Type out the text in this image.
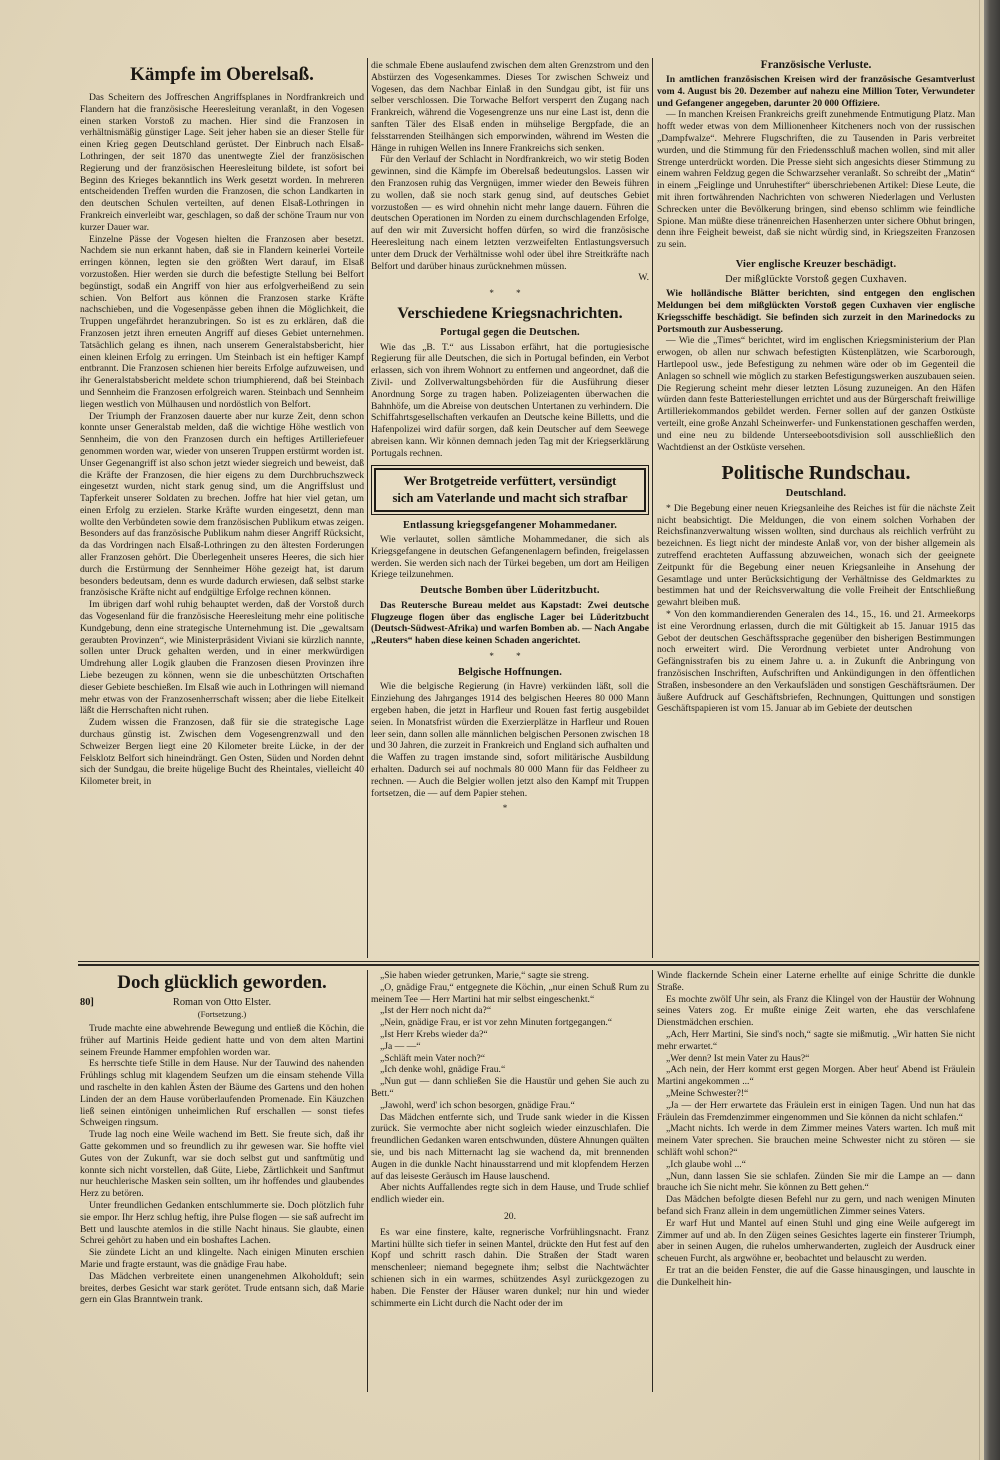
Kämpfe im Oberelsaß.

Das Scheitern des Joffreschen Angriffsplanes in Nordfrankreich und Flandern hat die französische Heeresleitung veranlaßt, in den Vogesen einen starken Vorstoß zu machen. Hier sind die Franzosen in verhältnismäßig günstiger Lage. Seit jeher haben sie an dieser Stelle für einen Krieg gegen Deutschland gerüstet. Der Einbruch nach Elsaß-Lothringen, der seit 1870 das unentwegte Ziel der französischen Regierung und der französischen Heeresleitung bildete, ist sofort bei Beginn des Krieges bekanntlich ins Werk gesetzt worden. In mehreren entscheidenden Treffen wurden die Franzosen, die schon Landkarten in den deutschen Schulen verteilten, auf denen Elsaß-Lothringen in Frankreich einverleibt war, geschlagen, so daß der schöne Traum nur von kurzer Dauer war.

Einzelne Pässe der Vogesen hielten die Franzosen aber besetzt. Nachdem sie nun erkannt haben, daß sie in Flandern keinerlei Vorteile erringen können, legten sie den größten Wert darauf, im Elsaß vorzustoßen. Hier werden sie durch die befestigte Stellung bei Belfort begünstigt, sodaß ein Angriff von hier aus erfolgverheißend zu sein schien. Von Belfort aus können die Franzosen starke Kräfte nachschieben, und die Vogesenpässe geben ihnen die Möglichkeit, die Truppen ungefährdet heranzubringen. So ist es zu erklären, daß die Franzosen jetzt ihren erneuten Angriff auf dieses Gebiet unternehmen. Tatsächlich gelang es ihnen, nach unserem Generalstabsbericht, hier einen kleinen Erfolg zu erringen. Um Steinbach ist ein heftiger Kampf entbrannt. Die Franzosen schienen hier bereits Erfolge aufzuweisen, und ihr Generalstabsbericht meldete schon triumphierend, daß bei Steinbach und Sennheim die Franzosen erfolgreich waren. Steinbach und Sennheim liegen westlich von Mülhausen und nordöstlich von Belfort.

Der Triumph der Franzosen dauerte aber nur kurze Zeit, denn schon konnte unser Generalstab melden, daß die wichtige Höhe westlich von Sennheim, die von den Franzosen durch ein heftiges Artilleriefeuer genommen worden war, wieder von unseren Truppen erstürmt worden ist. Unser Gegenangriff ist also schon jetzt wieder siegreich und beweist, daß die Kräfte der Franzosen, die hier eigens zu dem Durchbruchszweck eingesetzt wurden, nicht stark genug sind, um die Angriffslust und Tapferkeit unserer Soldaten zu brechen. Joffre hat hier viel getan, um einen Erfolg zu erzielen. Starke Kräfte wurden eingesetzt, denn man wollte den Verbündeten sowie dem französischen Publikum etwas zeigen. Besonders auf das französische Publikum nahm dieser Angriff Rücksicht, da das Vordringen nach Elsaß-Lothringen zu den ältesten Forderungen aller Franzosen gehört. Die Überlegenheit unseres Heeres, die sich hier durch die Erstürmung der Sennheimer Höhe gezeigt hat, ist darum besonders bedeutsam, denn es wurde dadurch erwiesen, daß selbst starke französische Kräfte nicht auf endgültige Erfolge rechnen können.

Im übrigen darf wohl ruhig behauptet werden, daß der Vorstoß durch das Vogesenland für die französische Heeresleitung mehr eine politische Kundgebung, denn eine strategische Unternehmung ist. Die „gewaltsam geraubten Provinzen“, wie Ministerpräsident Viviani sie kürzlich nannte, sollen unter Druck gehalten werden, und in einer merkwürdigen Umdrehung aller Logik glauben die Franzosen diesen Provinzen ihre Liebe bezeugen zu können, wenn sie die unbeschützten Ortschaften dieser Gebiete beschießen. Im Elsaß wie auch in Lothringen will niemand mehr etwas von der Franzosenherrschaft wissen; aber die liebe Eitelkeit läßt die Herrschaften nicht ruhen.

Zudem wissen die Franzosen, daß für sie die strategische Lage durchaus günstig ist. Zwischen dem Vogesengrenzwall und den Schweizer Bergen liegt eine 20 Kilometer breite Lücke, in der der Felsklotz Belfort sich hineindrängt. Gen Osten, Süden und Norden dehnt sich der Sundgau, die breite hügelige Bucht des Rheintales, vielleicht 40 Kilometer breit, in

die schmale Ebene auslaufend zwischen dem alten Grenzstrom und den Abstürzen des Vogesenkammes. Dieses Tor zwischen Schweiz und Vogesen, das dem Nachbar Einlaß in den Sundgau gibt, ist für uns selber verschlossen. Die Torwache Belfort versperrt den Zugang nach Frankreich, während die Vogesengrenze uns nur eine Last ist, denn die sanften Täler des Elsaß enden in mühselige Bergpfade, die an felsstarrenden Steilhängen sich emporwinden, während im Westen die Hänge in ruhigen Wellen ins Innere Frankreichs sich senken.

Für den Verlauf der Schlacht in Nordfrankreich, wo wir stetig Boden gewinnen, sind die Kämpfe im Oberelsaß bedeutungslos. Lassen wir den Franzosen ruhig das Vergnügen, immer wieder den Beweis führen zu wollen, daß sie noch stark genug sind, auf deutsches Gebiet vorzustoßen — es wird ohnehin nicht mehr lange dauern. Führen die deutschen Operationen im Norden zu einem durchschlagenden Erfolge, auf den wir mit Zuversicht hoffen dürfen, so wird die französische Heeresleitung nach einem letzten verzweifelten Entlastungsversuch unter dem Druck der Verhältnisse wohl oder übel ihre Streitkräfte nach Belfort und darüber hinaus zurücknehmen müssen.

W.

* *
Verschiedene Kriegsnachrichten.
Portugal gegen die Deutschen.

Wie das „B. T.“ aus Lissabon erfährt, hat die portugiesische Regierung für alle Deutschen, die sich in Portugal befinden, ein Verbot erlassen, sich von ihrem Wohnort zu entfernen und angeordnet, daß die Zivil- und Zollverwaltungsbehörden für die Ausführung dieser Anordnung Sorge zu tragen haben. Polizeiagenten überwachen die Bahnhöfe, um die Abreise von deutschen Untertanen zu verhindern. Die Schiffahrtsgesellschaften verkaufen an Deutsche keine Billetts, und die Hafenpolizei wird dafür sorgen, daß kein Deutscher auf dem Seewege abreisen kann. Wir können demnach jeden Tag mit der Kriegserklärung Portugals rechnen.

Wer Brotgetreide verfüttert, versündigt
sich am Vaterlande und macht sich strafbar
Entlassung kriegsgefangener Mohammedaner.

Wie verlautet, sollen sämtliche Mohammedaner, die sich als Kriegsgefangene in deutschen Gefangenenlagern befinden, freigelassen werden. Sie werden sich nach der Türkei begeben, um dort am Heiligen Kriege teilzunehmen.

Deutsche Bomben über Lüderitzbucht.

Das Reutersche Bureau meldet aus Kapstadt: Zwei deutsche Flugzeuge flogen über das englische Lager bei Lüderitzbucht (Deutsch-Südwest-Afrika) und warfen Bomben ab. — Nach Angabe „Reuters“ haben diese keinen Schaden angerichtet.

* *
Belgische Hoffnungen.

Wie die belgische Regierung (in Havre) verkünden läßt, soll die Einziehung des Jahrganges 1914 des belgischen Heeres 80 000 Mann ergeben haben, die jetzt in Harfleur und Rouen fast fertig ausgebildet seien. In Monatsfrist würden die Exerzierplätze in Harfleur und Rouen leer sein, dann sollen alle männlichen belgischen Personen zwischen 18 und 30 Jahren, die zurzeit in Frankreich und England sich aufhalten und die Waffen zu tragen imstande sind, sofort militärische Ausbildung erhalten. Dadurch sei auf nochmals 80 000 Mann für das Feldheer zu rechnen. — Auch die Belgier wollen jetzt also den Kampf mit Truppen fortsetzen, die — auf dem Papier stehen.

*
Französische Verluste.

In amtlichen französischen Kreisen wird der französische Gesamtverlust vom 4. August bis 20. Dezember auf nahezu eine Million Toter, Verwundeter und Gefangener angegeben, darunter 20 000 Offiziere.

— In manchen Kreisen Frankreichs greift zunehmende Entmutigung Platz. Man hofft weder etwas von dem Millionenheer Kitcheners noch von der russischen „Dampfwalze“. Mehrere Flugschriften, die zu Tausenden in Paris verbreitet wurden, und die Stimmung für den Friedensschluß machen wollen, sind mit aller Strenge unterdrückt worden. Die Presse sieht sich angesichts dieser Stimmung zu einem wahren Feldzug gegen die Schwarzseher veranlaßt. So schreibt der „Matin“ in einem „Feiglinge und Unruhestifter“ überschriebenen Artikel: Diese Leute, die mit ihren fortwährenden Nachrichten von schweren Niederlagen und Verlusten Schrecken unter die Bevölkerung bringen, sind ebenso schlimm wie feindliche Spione. Man müßte diese tränenreichen Hasenherzen unter sichere Obhut bringen, denn ihre Feigheit beweist, daß sie nicht würdig sind, in Kriegszeiten Franzosen zu sein.

Vier englische Kreuzer beschädigt.
Der mißglückte Vorstoß gegen Cuxhaven.

Wie holländische Blätter berichten, sind entgegen den englischen Meldungen bei dem mißglückten Vorstoß gegen Cuxhaven vier englische Kriegsschiffe beschädigt. Sie befinden sich zurzeit in den Marinedocks zu Portsmouth zur Ausbesserung.

— Wie die „Times“ berichtet, wird im englischen Kriegsministerium der Plan erwogen, ob allen nur schwach befestigten Küstenplätzen, wie Scarborough, Hartlepool usw., jede Befestigung zu nehmen wäre oder ob im Gegenteil die Anlagen so schnell wie möglich zu starken Befestigungswerken auszubauen seien. Die Regierung scheint mehr dieser letzten Lösung zuzuneigen. An den Häfen würden dann feste Batteriestellungen errichtet und aus der Bürgerschaft freiwillige Artilleriekommandos gebildet werden. Ferner sollen auf der ganzen Ostküste verteilt, eine große Anzahl Scheinwerfer- und Funkenstationen geschaffen werden, und eine neu zu bildende Unterseebootsdivision soll ausschließlich den Wachtdienst an der Ostküste versehen.

Politische Rundschau.
Deutschland.

* Die Begebung einer neuen Kriegsanleihe des Reiches ist für die nächste Zeit nicht beabsichtigt. Die Meldungen, die von einem solchen Vorhaben der Reichsfinanzverwaltung wissen wollten, sind durchaus als reichlich verfrüht zu bezeichnen. Es liegt nicht der mindeste Anlaß vor, von der bisher allgemein als zutreffend erachteten Auffassung abzuweichen, wonach sich der geeignete Zeitpunkt für die Begebung einer neuen Kriegsanleihe in Ansehung der Gesamtlage und unter Berücksichtigung der Verhältnisse des Geldmarktes zu bestimmen hat und der Reichsverwaltung die volle Freiheit der Entschließung gewahrt bleiben muß.

* Von den kommandierenden Generalen des 14., 15., 16. und 21. Armeekorps ist eine Verordnung erlassen, durch die mit Gültigkeit ab 15. Januar 1915 das Gebot der deutschen Geschäftssprache gegenüber den bisherigen Bestimmungen noch erweitert wird. Die Verordnung verbietet unter Androhung von Gefängnisstrafen bis zu einem Jahre u. a. in Zukunft die Anbringung von französischen Inschriften, Aufschriften und Ankündigungen in den öffentlichen Straßen, insbesondere an den Verkaufsläden und sonstigen Geschäftsräumen. Der äußere Aufdruck auf Geschäftsbriefen, Rechnungen, Quittungen und sonstigen Geschäftspapieren ist vom 15. Januar ab im Gebiete der deutschen

Doch glücklich geworden.
80]	Roman von Otto Elster.
(Fortsetzung.)

Trude machte eine abwehrende Bewegung und entließ die Köchin, die früher auf Martinis Heide gedient hatte und von dem alten Martini seinem Freunde Hammer empfohlen worden war.

Es herrschte tiefe Stille in dem Hause. Nur der Tauwind des nahenden Frühlings schlug mit klagendem Seufzen um die einsam stehende Villa und raschelte in den kahlen Ästen der Bäume des Gartens und den hohen Linden der an dem Hause vorüberlaufenden Promenade. Ein Käuzchen ließ seinen eintönigen unheimlichen Ruf erschallen — sonst tiefes Schweigen ringsum.

Trude lag noch eine Weile wachend im Bett. Sie freute sich, daß ihr Gatte gekommen und so freundlich zu ihr gewesen war. Sie hoffte viel Gutes von der Zukunft, war sie doch selbst gut und sanftmütig und konnte sich nicht vorstellen, daß Güte, Liebe, Zärtlichkeit und Sanftmut nur heuchlerische Masken sein sollten, um ihr hoffendes und glaubendes Herz zu betören.

Unter freundlichen Gedanken entschlummerte sie. Doch plötzlich fuhr sie empor. Ihr Herz schlug heftig, ihre Pulse flogen — sie saß aufrecht im Bett und lauschte atemlos in die stille Nacht hinaus. Sie glaubte, einen Schrei gehört zu haben und ein boshaftes Lachen.

Sie zündete Licht an und klingelte. Nach einigen Minuten erschien Marie und fragte erstaunt, was die gnädige Frau habe.

Das Mädchen verbreitete einen unangenehmen Alkoholduft; sein breites, derbes Gesicht war stark gerötet. Trude entsann sich, daß Marie gern ein Glas Branntwein trank.

„Sie haben wieder getrunken, Marie,“ sagte sie streng.

„O, gnädige Frau,“ entgegnete die Köchin, „nur einen Schuß Rum zu meinem Tee — Herr Martini hat mir selbst eingeschenkt.“

„Ist der Herr noch nicht da?“

„Nein, gnädige Frau, er ist vor zehn Minuten fortgegangen.“

„Ist Herr Krebs wieder da?“

„Ja — —“

„Schläft mein Vater noch?“

„Ich denke wohl, gnädige Frau.“

„Nun gut — dann schließen Sie die Haustür und gehen Sie auch zu Bett.“

„Jawohl, werd' ich schon besorgen, gnädige Frau.“

Das Mädchen entfernte sich, und Trude sank wieder in die Kissen zurück. Sie vermochte aber nicht sogleich wieder einzuschlafen. Die freundlichen Gedanken waren entschwunden, düstere Ahnungen quälten sie, und bis nach Mitternacht lag sie wachend da, mit brennenden Augen in die dunkle Nacht hinausstarrend und mit klopfendem Herzen auf das leiseste Geräusch im Hause lauschend.

Aber nichts Auffallendes regte sich in dem Hause, und Trude schlief endlich wieder ein.

20.

Es war eine finstere, kalte, regnerische Vorfrühlingsnacht. Franz Martini hüllte sich tiefer in seinen Mantel, drückte den Hut fest auf den Kopf und schritt rasch dahin. Die Straßen der Stadt waren menschenleer; niemand begegnete ihm; selbst die Nachtwächter schienen sich in ein warmes, schützendes Asyl zurückgezogen zu haben. Die Fenster der Häuser waren dunkel; nur hin und wieder schimmerte ein Licht durch die Nacht oder der im

Winde flackernde Schein einer Laterne erhellte auf einige Schritte die dunkle Straße.

Es mochte zwölf Uhr sein, als Franz die Klingel von der Haustür der Wohnung seines Vaters zog. Er mußte einige Zeit warten, ehe das verschlafene Dienstmädchen erschien.

„Ach, Herr Martini, Sie sind's noch,“ sagte sie mißmutig. „Wir hatten Sie nicht mehr erwartet.“

„Wer denn? Ist mein Vater zu Haus?“

„Ach nein, der Herr kommt erst gegen Morgen. Aber heut' Abend ist Fräulein Martini angekommen ...“

„Meine Schwester?!“

„Ja — der Herr erwartete das Fräulein erst in einigen Tagen. Und nun hat das Fräulein das Fremdenzimmer eingenommen und Sie können da nicht schlafen.“

„Macht nichts. Ich werde in dem Zimmer meines Vaters warten. Ich muß mit meinem Vater sprechen. Sie brauchen meine Schwester nicht zu stören — sie schläft wohl schon?“

„Ich glaube wohl ...“

„Nun, dann lassen Sie sie schlafen. Zünden Sie mir die Lampe an — dann brauche ich Sie nicht mehr. Sie können zu Bett gehen.“

Das Mädchen befolgte diesen Befehl nur zu gern, und nach wenigen Minuten befand sich Franz allein in dem ungemütlichen Zimmer seines Vaters.

Er warf Hut und Mantel auf einen Stuhl und ging eine Weile aufgeregt im Zimmer auf und ab. In den Zügen seines Gesichtes lagerte ein finsterer Triumph, aber in seinen Augen, die ruhelos umherwanderten, zugleich der Ausdruck einer scheuen Furcht, als argwöhne er, beobachtet und belauscht zu werden.

Er trat an die beiden Fenster, die auf die Gasse hinausgingen, und lauschte in die Dunkelheit hin-
